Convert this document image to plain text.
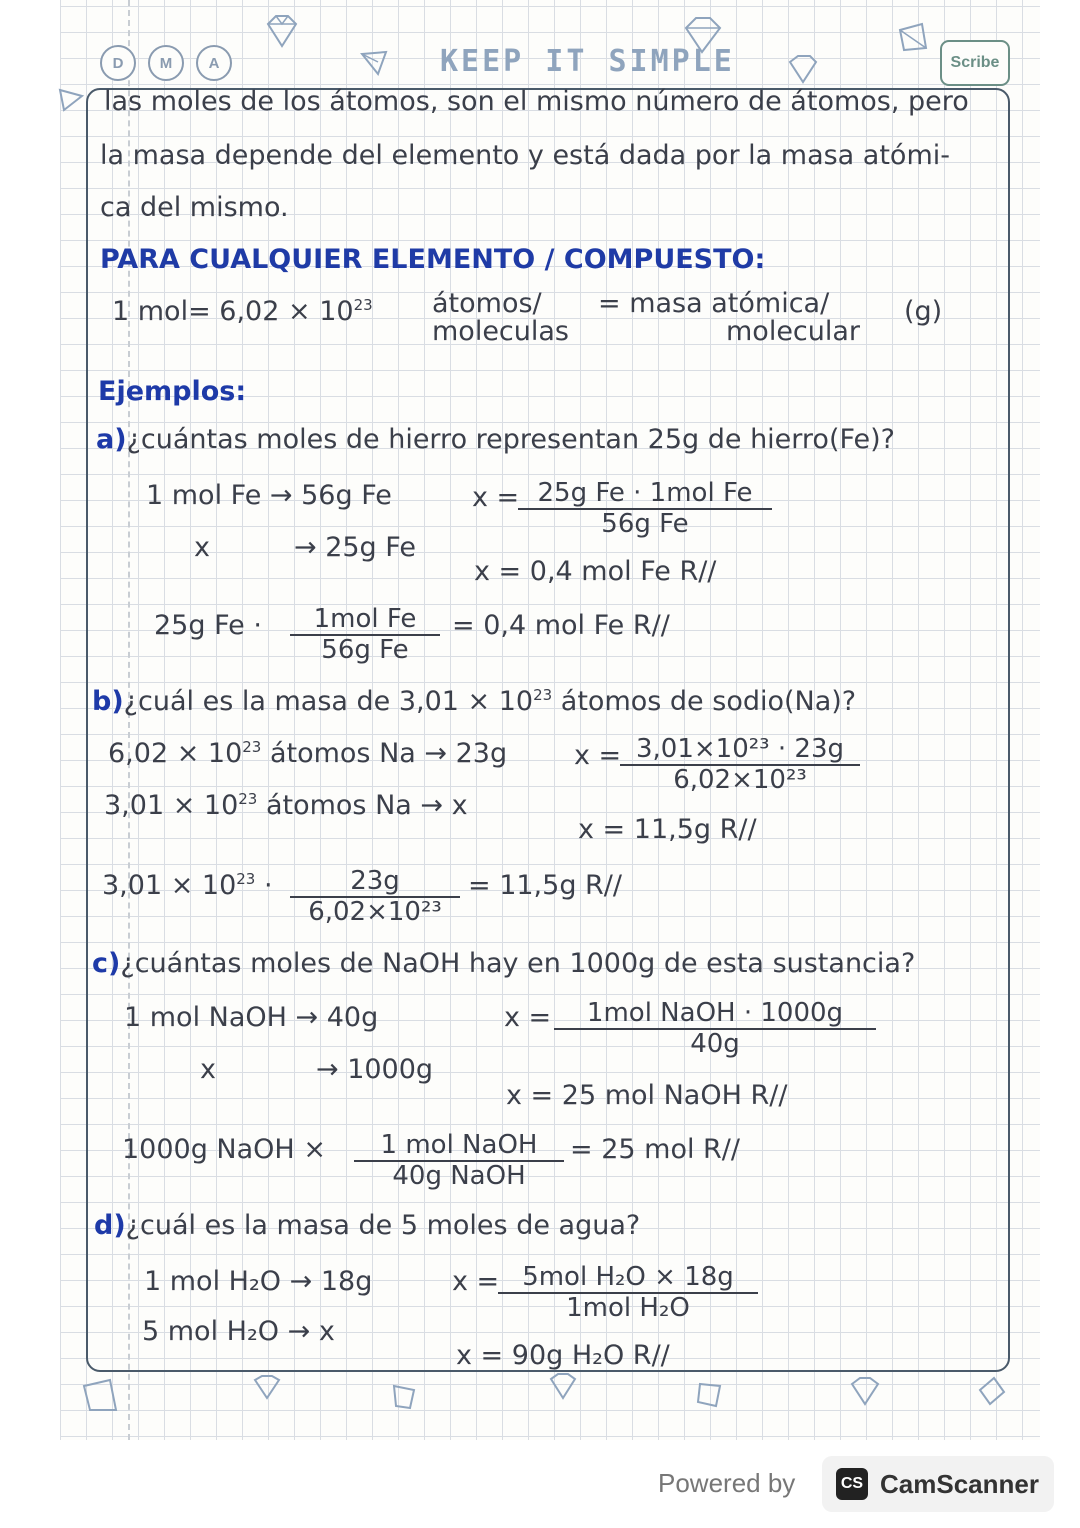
D	M	A	KEEP IT SIMPLE	Scribe
las moles de los átomos, son el mismo número de átomos, pero
la masa depende del elemento y está dada por la masa atómi-
ca del mismo.
PARA CUALQUIER ELEMENTO / COMPUESTO:
1 $mol= 6,02 \times 10^{23}$ átomos/
moleculas
= masa atómica/
molecular
(g)
Ejemplos:
a)¿cuántas moles de hierro representan 25g de hierro(Fe)?
1 mol Fe → 56g Fe
x	→ 25g Fe
x = 25g Fe · 1mol Fe
56g Fe
x = 0,4 mol Fe R//
25g Fe ·	1mol Fe
56g Fe
= 0,4 mol Fe R//
b)¿cuál es la masa de $3,01 \times 10^{23}$ átomos de sodio(Na)?
$6,02 \times 10^{23}$ átomos Na → 23g
$3,01 \times 10^{23}$ átomos Na → x
x =
$\frac{\text{3,01×10²³ · 23g}}{\text{6,02×10²³}}$
x = 11,5g R//
$3,01 \times 10^{23} \cdot \frac{23g}{\text{6,02×10²³}} = 11,5g$ R//
c)¿cuántas moles de NaOH hay en 1000g de esta sustancia?
1 mol NaOH → 40g
x	→ 1000g
x =	1mol NaOH · 1000g
40g
x = 25 mol NaOH R//
1000g NaOH ×	1 mol NaOH
40g NaOH
= 25 mol R//
d)¿cuál es la masa de 5 moles de agua?
1 mol H₂O → 18g
5 mol H₂O → x
x = 5mol H₂O × 18g
1mol H₂O
x = 90g H₂O R//
Powered by	CS CamScanner
